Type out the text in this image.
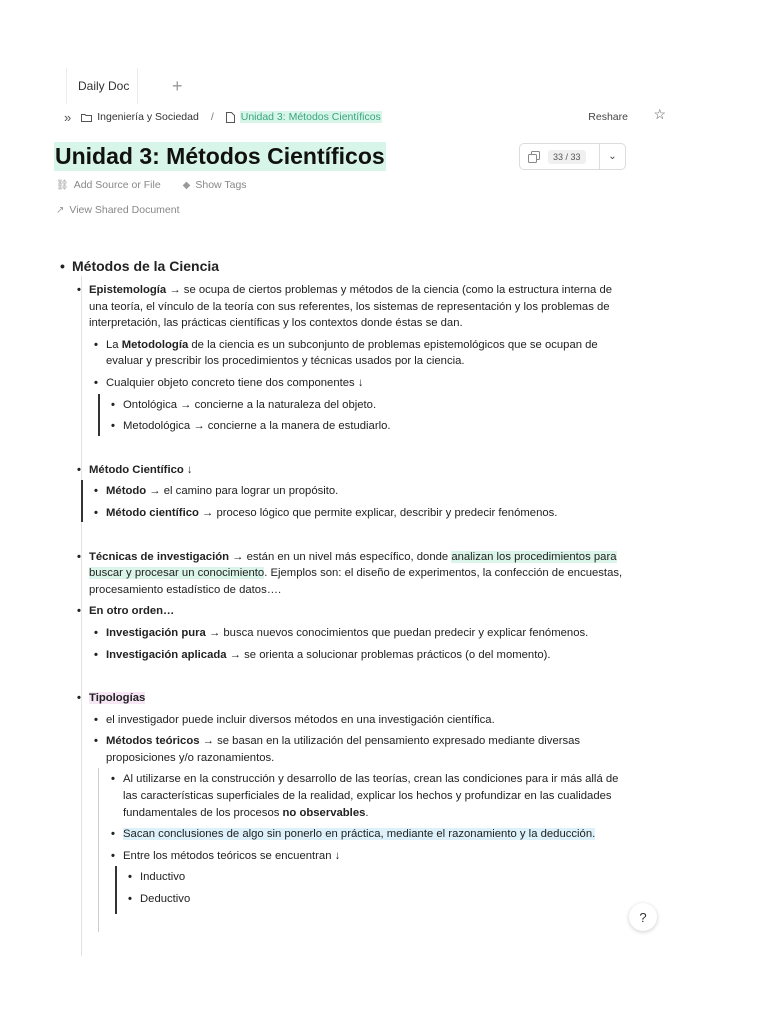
Daily Doc +
» Ingeniería y Sociedad /	Unidad 3: Métodos Científicos	Reshare ☆
Unidad 3: Métodos Científicos	33 / 33	⌄
⛓ Add Source or File ◆ Show Tags
↗ View Shared Document
• Métodos de la Ciencia
• Epistemología → se ocupa de ciertos problemas y métodos de la ciencia (como la estructura interna de una teoría, el vínculo de la teoría con sus referentes, los sistemas de representación y los problemas de interpretación, las prácticas científicas y los contextos donde éstas se dan.
• La Metodología de la ciencia es un subconjunto de problemas epistemológicos que se ocupan de evaluar y prescribir los procedimientos y técnicas usados por la ciencia.
• Cualquier objeto concreto tiene dos componentes ↓
• Ontológica → concierne a la naturaleza del objeto.
• Metodológica → concierne a la manera de estudiarlo.
• Método Científico ↓
• Método → el camino para lograr un propósito.
• Método científico → proceso lógico que permite explicar, describir y predecir fenómenos.
• Técnicas de investigación → están en un nivel más específico, donde analizan los procedimientos para buscar y procesar un conocimiento. Ejemplos son: el diseño de experimentos, la confección de encuestas, procesamiento estadístico de datos….
• En otro orden…
• Investigación pura → busca nuevos conocimientos que puedan predecir y explicar fenómenos.
• Investigación aplicada → se orienta a solucionar problemas prácticos (o del momento).
• Tipologías
• el investigador puede incluir diversos métodos en una investigación científica.
• Métodos teóricos → se basan en la utilización del pensamiento expresado mediante diversas proposiciones y/o razonamientos.
• Al utilizarse en la construcción y desarrollo de las teorías, crean las condiciones para ir más allá de las características superficiales de la realidad, explicar los hechos y profundizar en las cualidades fundamentales de los procesos no observables.
• Sacan conclusiones de algo sin ponerlo en práctica, mediante el razonamiento y la deducción.
• Entre los métodos teóricos se encuentran ↓
• Inductivo
• Deductivo
?
